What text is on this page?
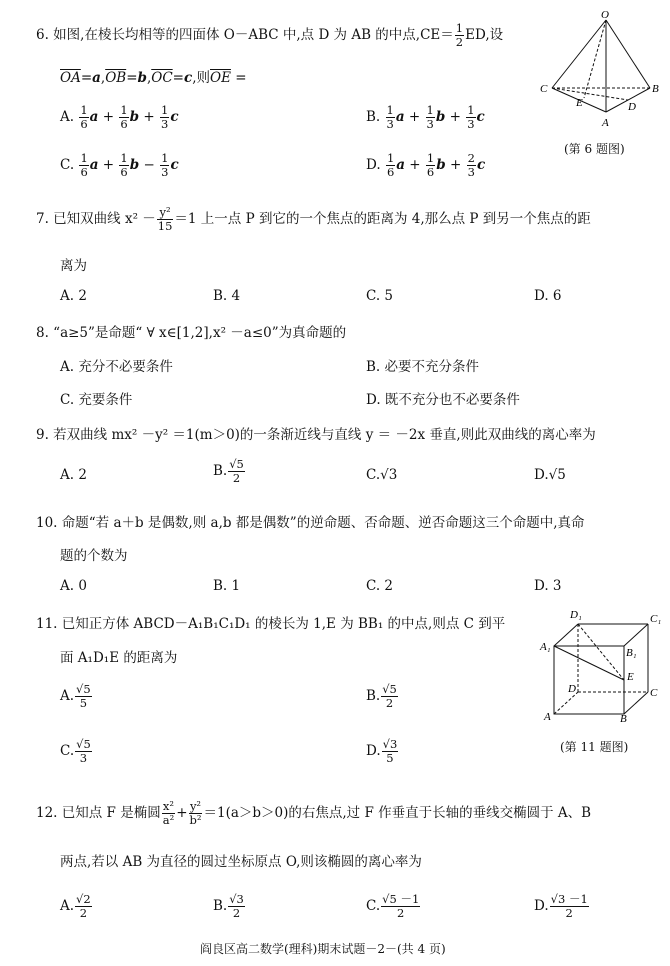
6. 如图,在棱长均相等的四面体 O－ABC 中,点 D 为 AB 的中点$,CE= \frac{1}{2}$ ED,设
$\overline{OA}=a,\overline{OB}=b,\overline{OC}=c$,则$\overline{OE}$ =
A. $\frac{1}{6}$ $a + \frac{1}{6}$ $b + \frac{1}{3}$ c	B. $\frac{1}{3}$ $a + \frac{1}{3}$ $b + \frac{1}{3}$ c
C. $\frac{1}{6}$ $a + \frac{1}{6}$ $b - \frac{1}{3}$ c	D. $\frac{1}{6}$ $a + \frac{1}{6}$ $b + \frac{2}{3}$ c
O
C
E
B
D
A
(第 6 题图)
7. 已知双曲线 $x^2 - \frac{\text{y²}}{15} =1$ 上一点 P 到它的一个焦点的距离为 4,那么点 P 到另一个焦点的距
离为
A. 2	B. 4	C. 5	D. 6
8. “a≥5”是命题“ ∀ x∈[1,2],x² －a≤0”为真命题的
A. 充分不必要条件	B. 必要不充分条件
C. 充要条件	D. 既不充分也不必要条件
9. 若双曲线 mx² －y² ＝1(m＞0)的一条渐近线与直线 y ＝ －2x 垂直,则此双曲线的离心率为
A. 2	B. $\frac{√5}{2}$	C.√3	D.√5
10. 命题“若 a＋b 是偶数,则 a,b 都是偶数”的逆命题、否命题、逆否命题这三个命题中,真命
题的个数为
A. 0	B. 1	C. 2	D. 3
11. 已知正方体 ABCD－A₁B₁C₁D₁ 的棱长为 1,E 为 BB₁ 的中点,则点 C 到平
面 A₁D₁E 的距离为
A. $\frac{√5}{5}$	B. $\frac{√5}{2}$
C. $\frac{√5}{3}$	D. $\frac{√3}{5}$
D₁	C₁
A₁	B₁
E
D	C
A	B
(第 11 题图)
12. 已知点 F 是椭圆 $\frac{\text{x²}}{\text{a²}} + \frac{\text{y²}}{\text{b²}} =1(a>b>0)$的右焦点,过 F 作垂直于长轴的垂线交椭圆于 A、B
两点,若以 AB 为直径的圆过坐标原点 O,则该椭圆的离心率为
A. $\frac{√2}{2}$	B. $\frac{√3}{2}$	C. $\frac{√5 -1}{2}$	D. $\frac{√3 -1}{2}$
阎良区高二数学(理科)期末试题－2－(共 4 页)
